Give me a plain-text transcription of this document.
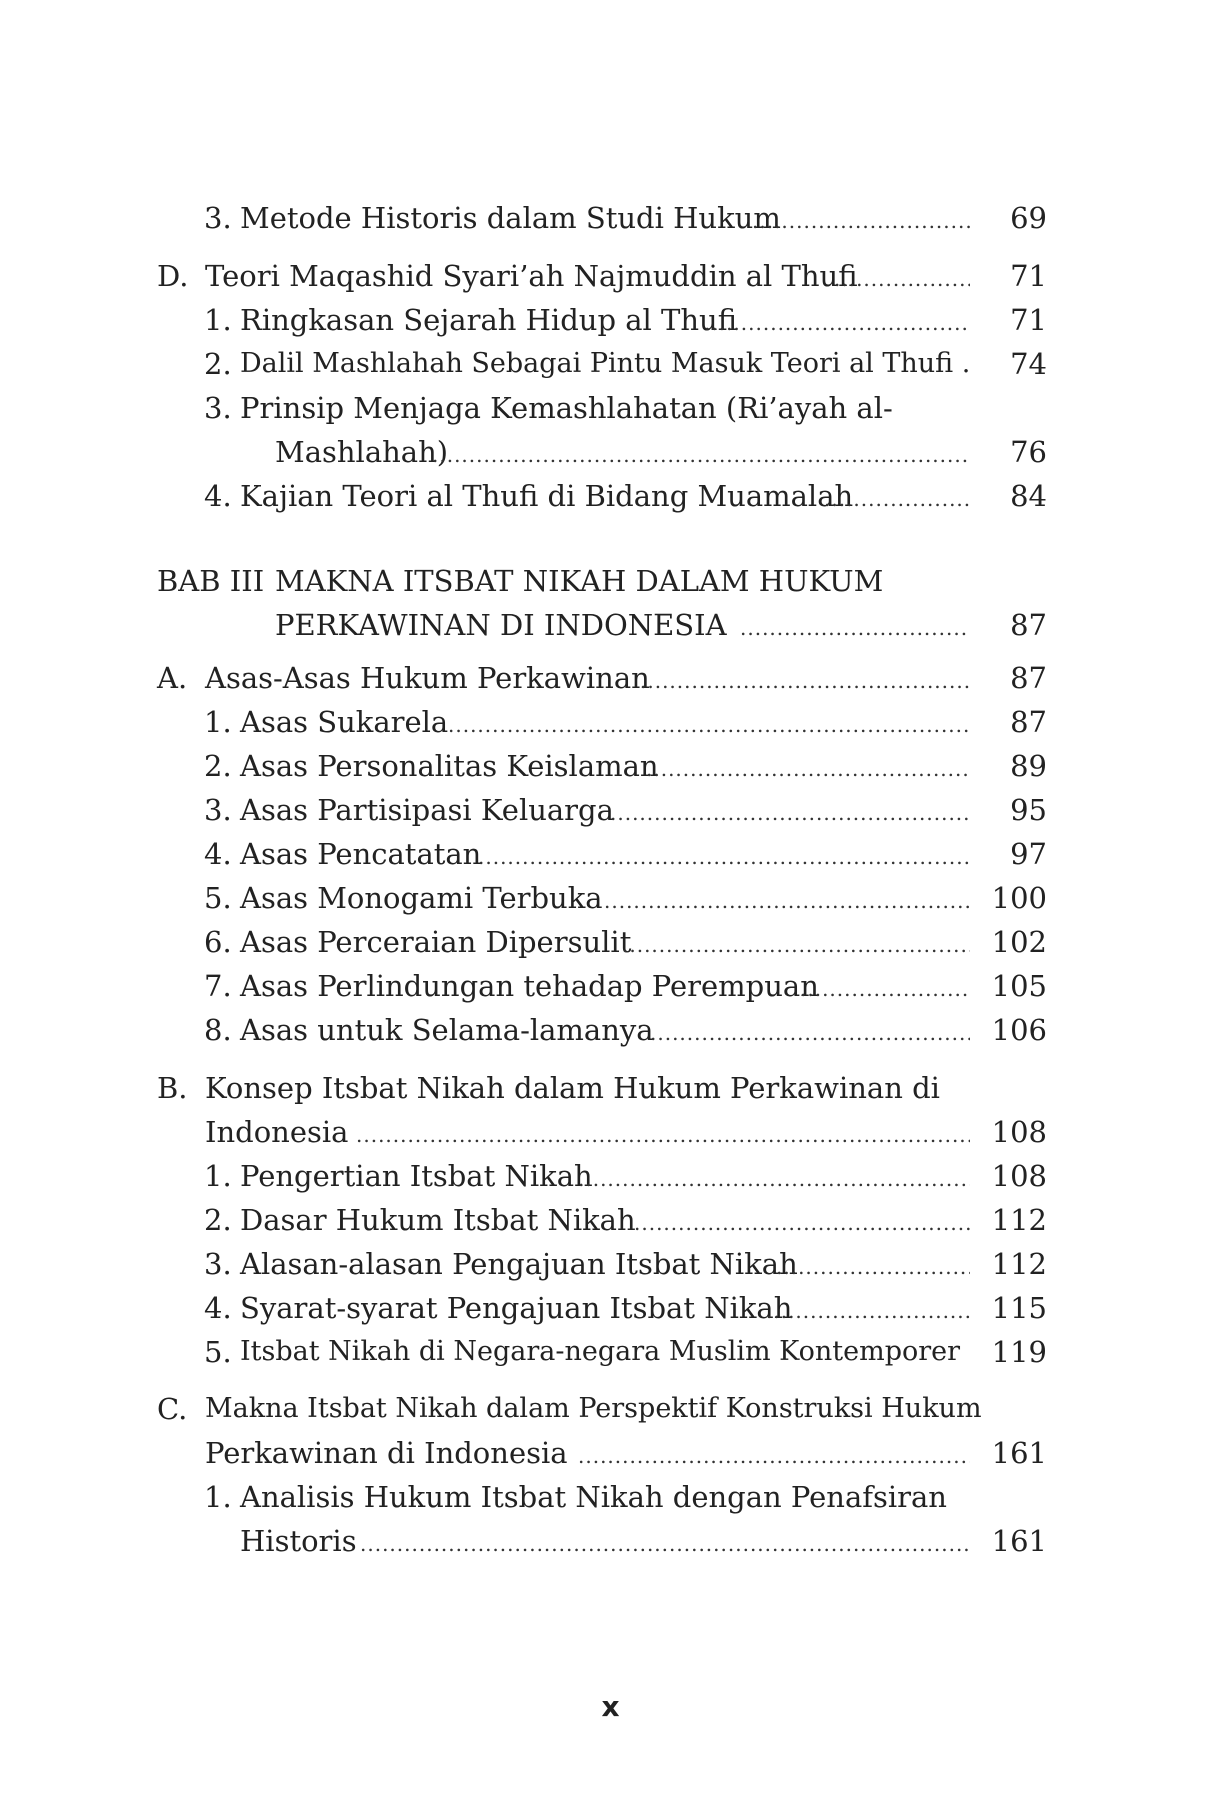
3. Metode Historis dalam Studi Hukum .....	69
D. Teori Maqashid Syari’ah Najmuddin al Thufi .....	71
1. Ringkasan Sejarah Hidup al Thufi .....	71
2. Dalil Mashlahah Sebagai Pintu Masuk Teori al Thufi . 74
3. Prinsip Menjaga Kemashlahatan (Ri’ayah al-
Mashlahah) .....	76
4. Kajian Teori al Thufi di Bidang Muamalah .....	84
BAB III MAKNA ITSBAT NIKAH DALAM HUKUM
PERKAWINAN DI INDONESIA .....	87
A. Asas-Asas Hukum Perkawinan .....	87
1. Asas Sukarela .....	87
2. Asas Personalitas Keislaman .....	89
3. Asas Partisipasi Keluarga .....	95
4. Asas Pencatatan .....	97
5. Asas Monogami Terbuka .....	100
6. Asas Perceraian Dipersulit .....	102
7. Asas Perlindungan tehadap Perempuan .....	105
8. Asas untuk Selama-lamanya .....	106
B. Konsep Itsbat Nikah dalam Hukum Perkawinan di
Indonesia .....	108
1. Pengertian Itsbat Nikah .....	108
2. Dasar Hukum Itsbat Nikah .....	112
3. Alasan-alasan Pengajuan Itsbat Nikah .....	112
4. Syarat-syarat Pengajuan Itsbat Nikah .....	115
5. Itsbat Nikah di Negara-negara Muslim Kontemporer 119
C. Makna Itsbat Nikah dalam Perspektif Konstruksi Hukum
Perkawinan di Indonesia .....	161
1. Analisis Hukum Itsbat Nikah dengan Penafsiran
Historis .....	161
x
